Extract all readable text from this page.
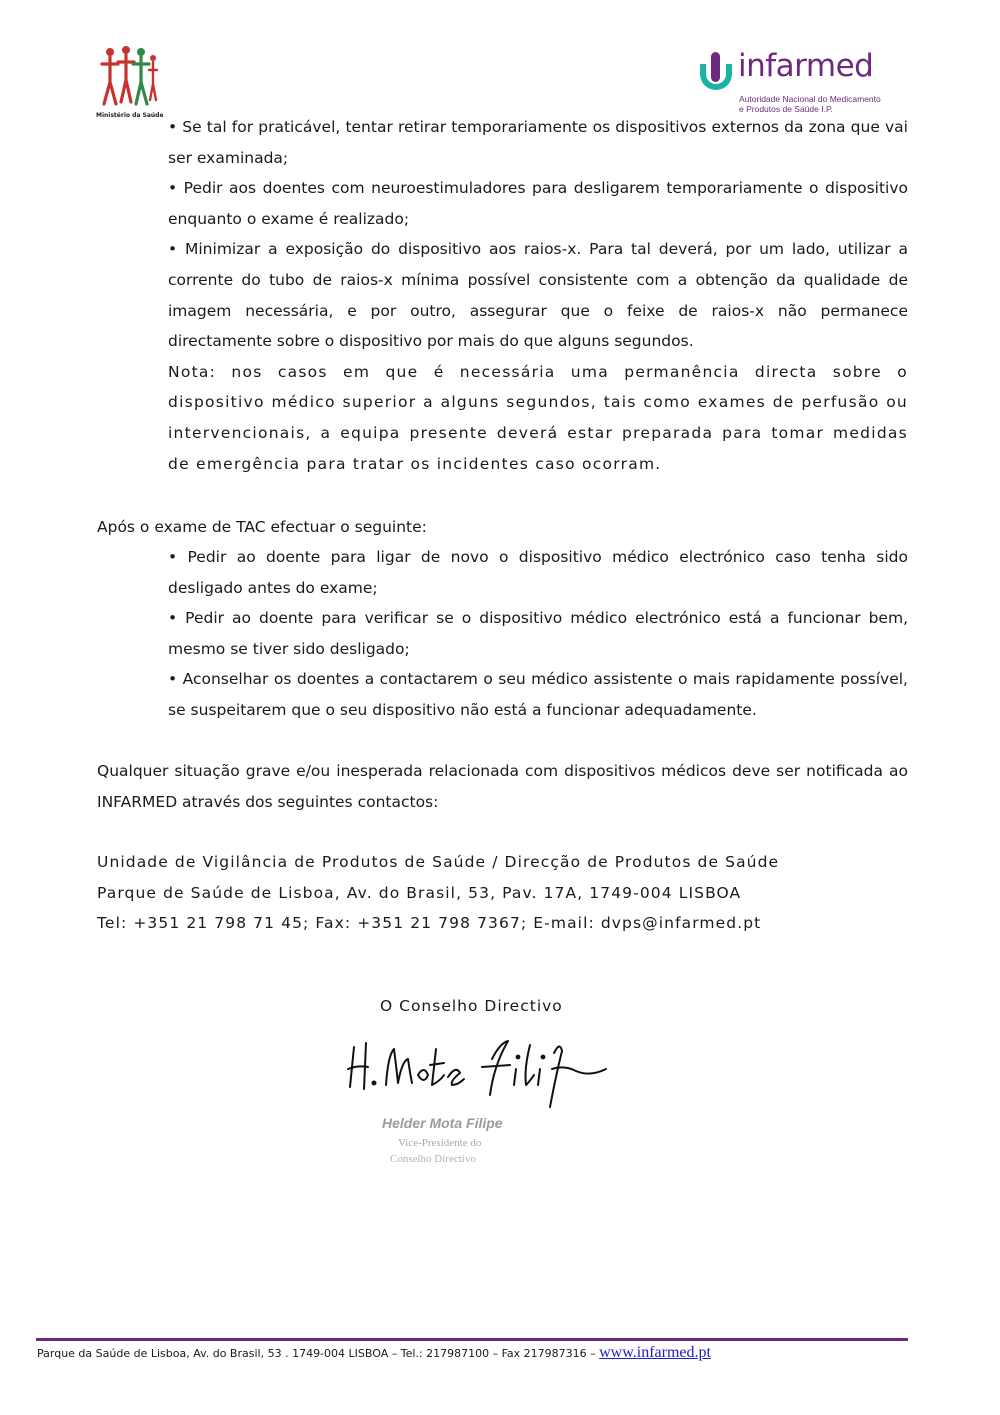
Ministério da Saúde
infarmed
Autoridade Nacional do Medicamento
e Produtos de Saúde I.P.

• Se tal for praticável, tentar retirar temporariamente os dispositivos externos da zona que vai ser examinada;

• Pedir aos doentes com neuroestimuladores para desligarem temporariamente o dispositivo enquanto o exame é realizado;

• Minimizar a exposição do dispositivo aos raios-x. Para tal deverá, por um lado, utilizar a corrente do tubo de raios-x mínima possível consistente com a obtenção da qualidade de imagem necessária, e por outro, assegurar que o feixe de raios-x não permanece directamente sobre o dispositivo por mais do que alguns segundos.

Nota: nos casos em que é necessária uma permanência directa sobre o dispositivo médico superior a alguns segundos, tais como exames de perfusão ou intervencionais, a equipa presente deverá estar preparada para tomar medidas de emergência para tratar os incidentes caso ocorram.

Após o exame de TAC efectuar o seguinte:

• Pedir ao doente para ligar de novo o dispositivo médico electrónico caso tenha sido desligado antes do exame;

• Pedir ao doente para verificar se o dispositivo médico electrónico está a funcionar bem, mesmo se tiver sido desligado;

• Aconselhar os doentes a contactarem o seu médico assistente o mais rapidamente possível, se suspeitarem que o seu dispositivo não está a funcionar adequadamente.

Qualquer situação grave e/ou inesperada relacionada com dispositivos médicos deve ser notificada ao INFARMED através dos seguintes contactos:

Unidade de Vigilância de Produtos de Saúde / Direcção de Produtos de Saúde
Parque de Saúde de Lisboa, Av. do Brasil, 53, Pav. 17A, 1749-004 LISBOA
Tel: +351 21 798 71 45; Fax: +351 21 798 7367; E-mail: dvps@infarmed.pt
O Conselho Directivo
Helder Mota Filipe
Vice-Presidente do
Conselho Directivo
Parque da Saúde de Lisboa, Av. do Brasil, 53 . 1749-004 LISBOA – Tel.: 217987100 – Fax 217987316 – www.infarmed.pt
